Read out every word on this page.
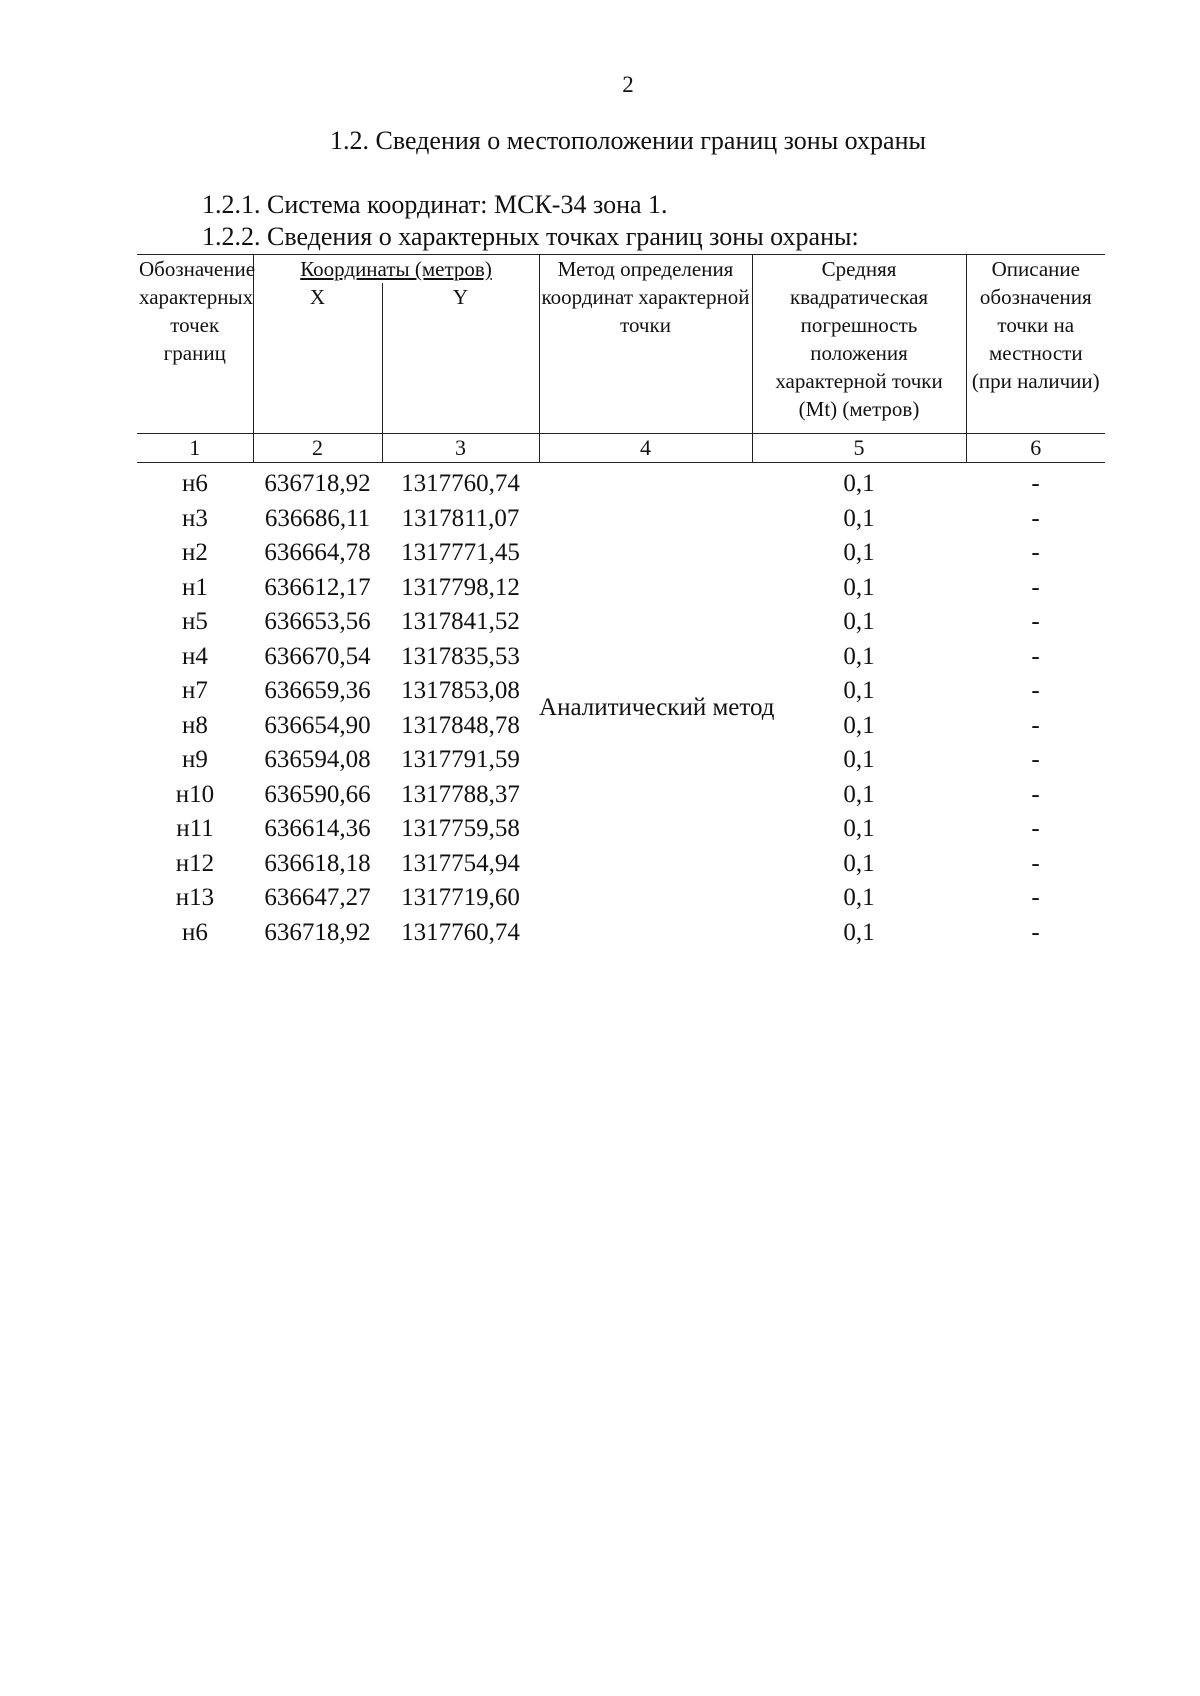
2
1.2. Сведения о местоположении границ зоны охраны
1.2.1. Система координат: МСК-34 зона 1.
1.2.2. Сведения о характерных точках границ зоны охраны:
Обозначение характерных точек границ	Координаты (метров)		Метод определения координат характерной точки	Средняя квадратическая погрешность положения характерной точки (Mt) (метров)	Описание обозначения точки на местности (при наличии)
	X	Y			
1	2	3	4	5	6
н6	636718,92	1317760,74	Аналитический метод	0,1	-
н3	636686,11	1317811,07		0,1	-
н2	636664,78	1317771,45		0,1	-
н1	636612,17	1317798,12		0,1	-
н5	636653,56	1317841,52		0,1	-
н4	636670,54	1317835,53		0,1	-
н7	636659,36	1317853,08		0,1	-
н8	636654,90	1317848,78		0,1	-
н9	636594,08	1317791,59		0,1	-
н10	636590,66	1317788,37		0,1	-
н11	636614,36	1317759,58		0,1	-
н12	636618,18	1317754,94		0,1	-
н13	636647,27	1317719,60		0,1	-
н6	636718,92	1317760,74		0,1	-
